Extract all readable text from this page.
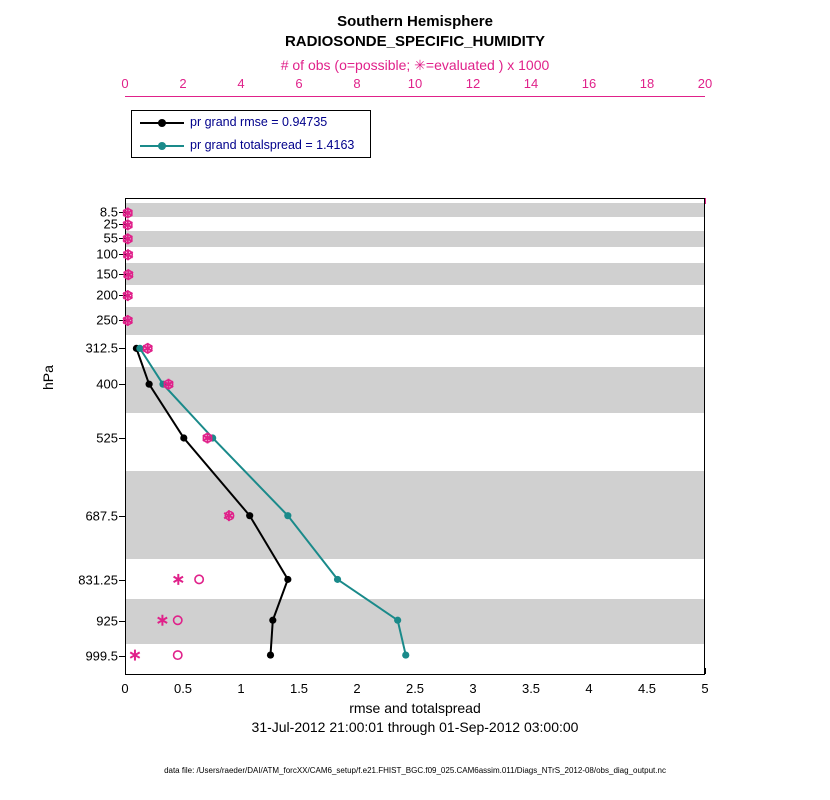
Southern Hemisphere
RADIOSONDE_SPECIFIC_HUMIDITY
# of obs (o=possible; ✳=evaluated ) x 1000
0	2	4	6	8	10	12	14	16	18	20
0	0.5	1	1.5	2	2.5	3	3.5	4	4.5	5
8.5
25
55
100
150
200
250
312.5
400
525
687.5
831.25
925
999.5
hPa
rmse and totalspread
31-Jul-2012 21:00:01 through 01-Sep-2012 03:00:00
data file: /Users/raeder/DAI/ATM_forcXX/CAM6_setup/f.e21.FHIST_BGC.f09_025.CAM6assim.011/Diags_NTrS_2012-08/obs_diag_output.nc
pr grand rmse = 0.94735
pr grand totalspread = 1.4163
